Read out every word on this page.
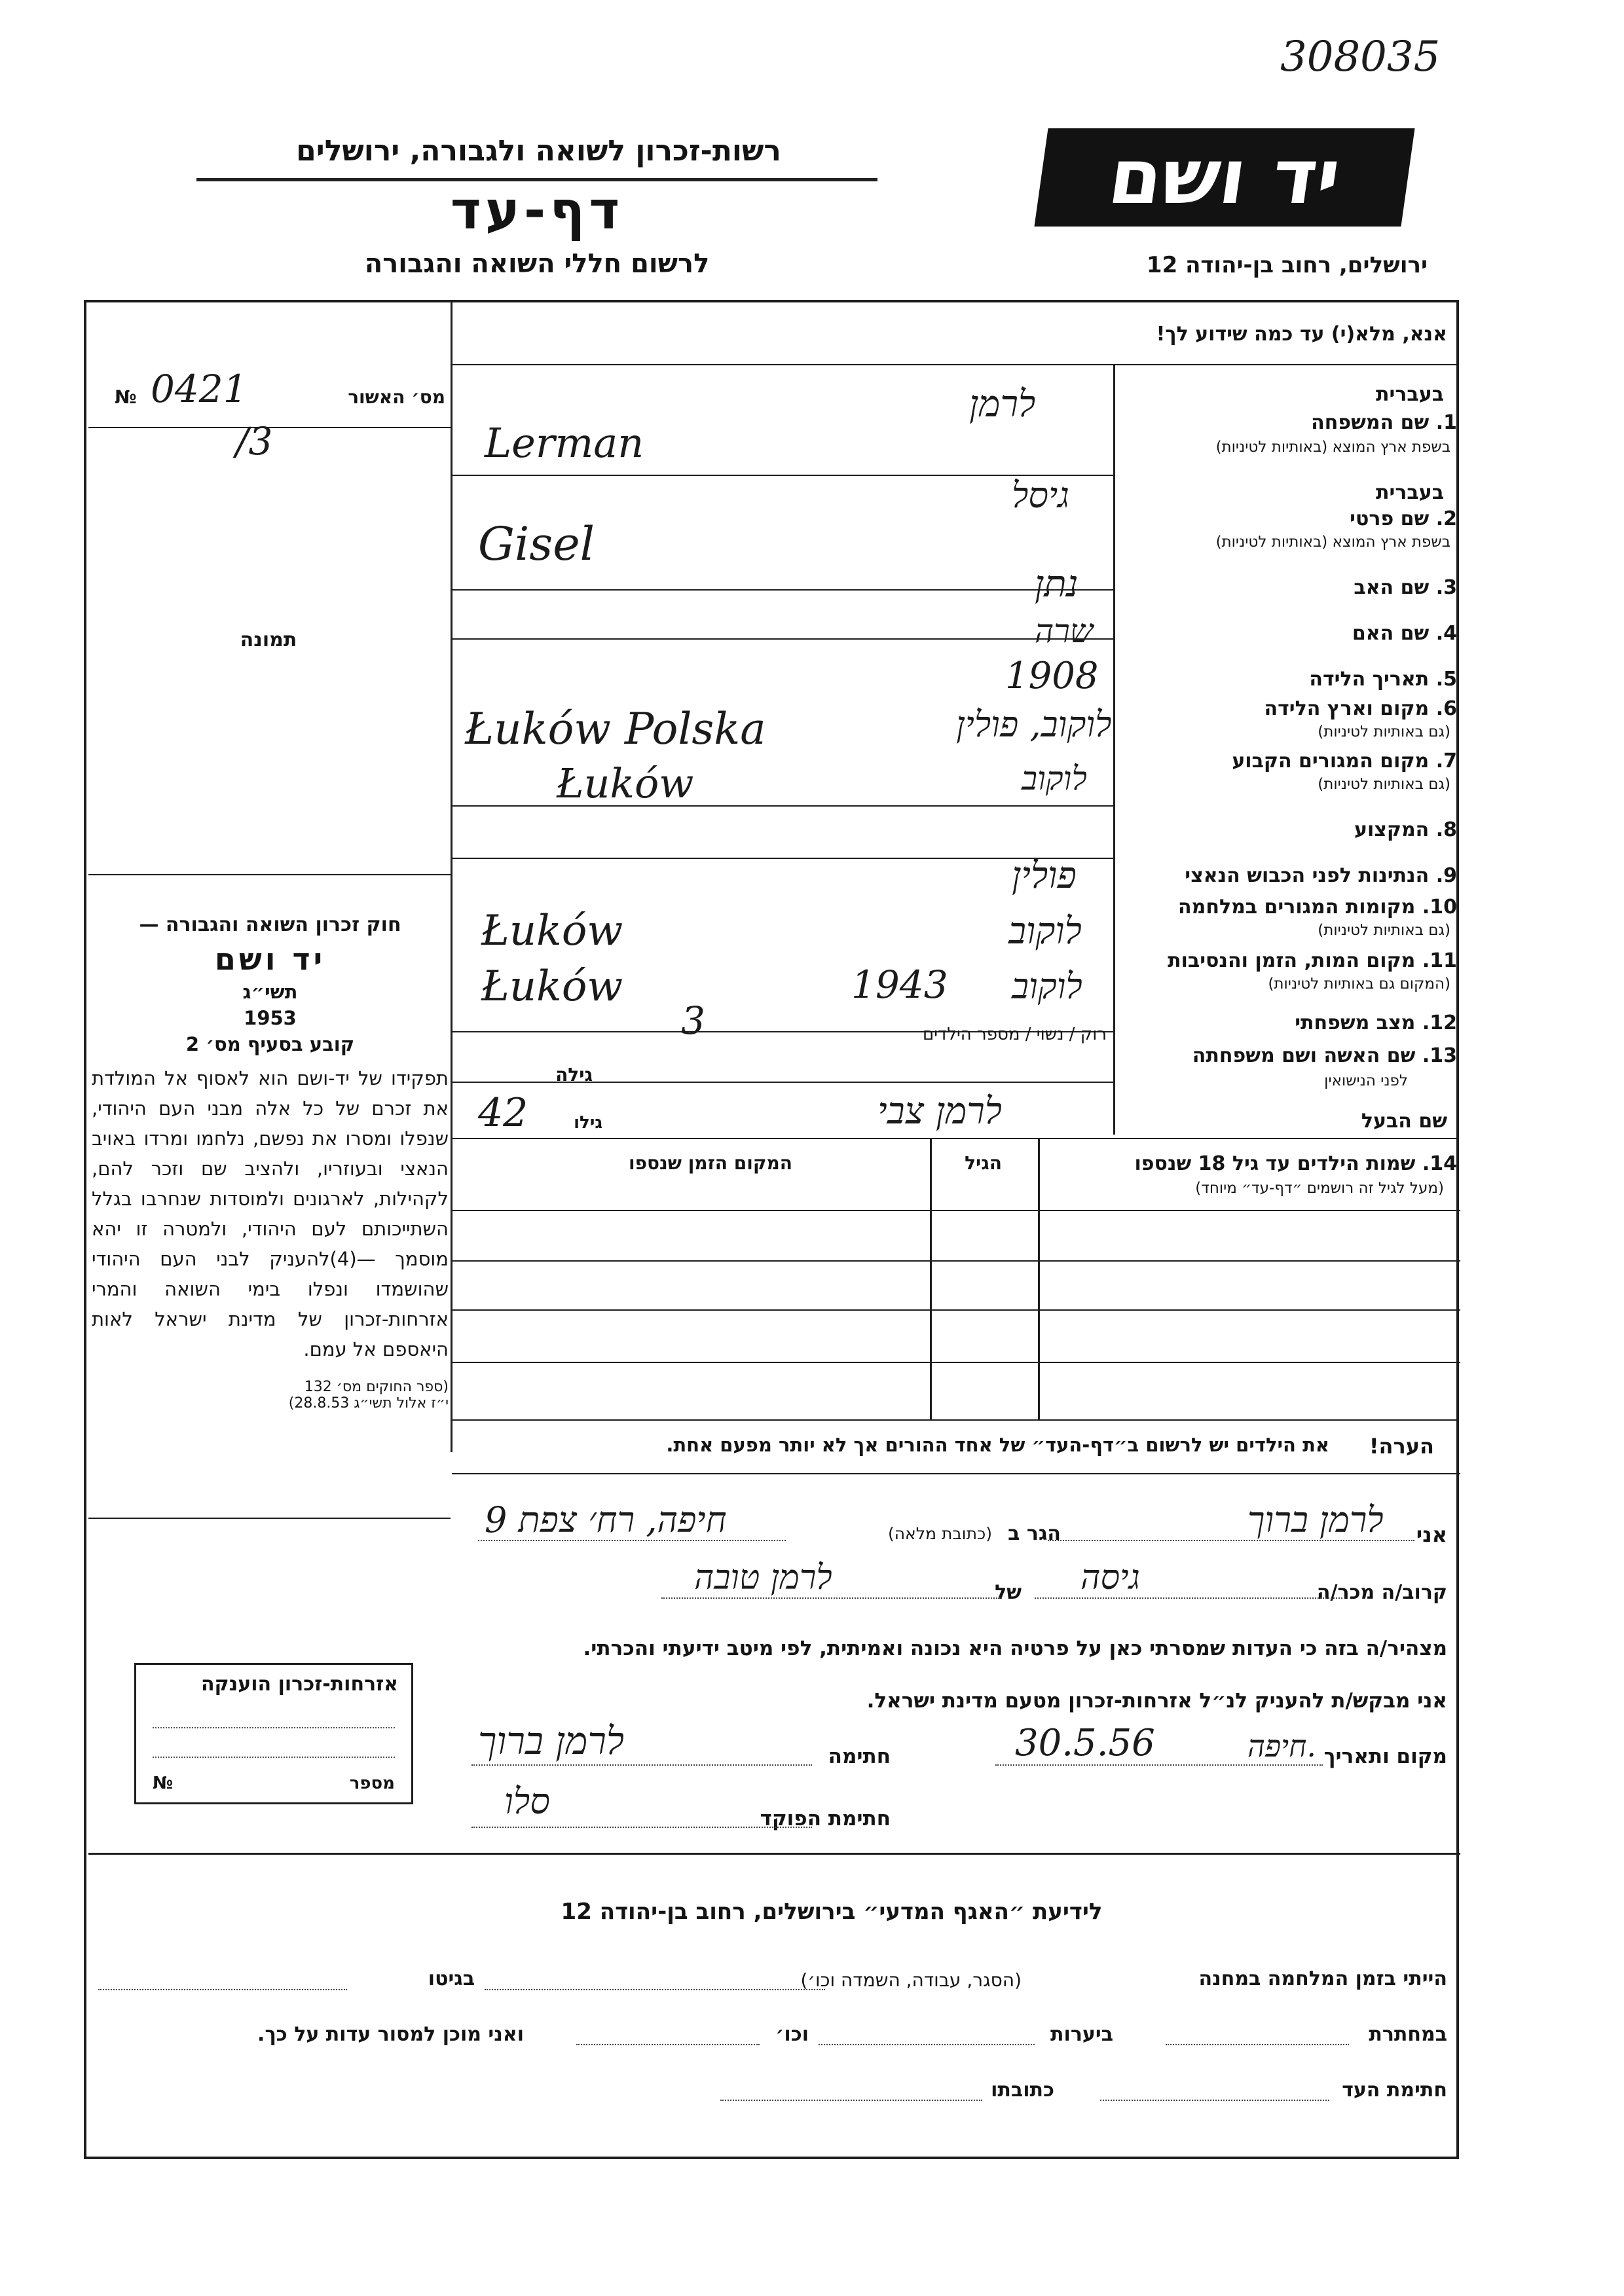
308035
יד ושם
רשות-זכרון לשואה ולגבורה, ירושלים
דף-עד
לרשום חללי השואה והגבורה	ירושלים, רחוב בן-יהודה 12
אנא, מלא(י) עד כמה שידוע לך!
מס׳ האשור
№ 0421
/3
תמונה
חוק זכרון השואה והגבורה —
יד ושם
תשי״ג
1953
קובע בסעיף מס׳ 2
תפקידו של יד-ושם הוא לאסוף אל המולדת את זכרם של כל אלה מבני העם היהודי, שנפלו ומסרו את נפשם, נלחמו ומרדו באויב הנאצי ובעוזריו, ולהציב שם וזכר להם, לקהילות, לארגונים ולמוסדות שנחרבו בגלל השתייכותם לעם היהודי, ולמטרה זו יהא מוסמך —(4)להעניק לבני העם היהודי שהושמדו ונפלו בימי השואה והמרי אזרחות-זכרון של מדינת ישראל לאות היאספם אל עמם.
(ספר החוקים מס׳ 132
י״ז אלול תשי״ג 28.8.53)
אזרחות-זכרון הוענקה
מספר
№
בעברית
1. שם המשפחה
בשפת ארץ המוצא (באותיות לטיניות)
בעברית
2. שם פרטי
בשפת ארץ המוצא (באותיות לטיניות)
3. שם האב
4. שם האם
5. תאריך הלידה
6. מקום וארץ הלידה
(גם באותיות לטיניות)
7. מקום המגורים הקבוע
(גם באותיות לטיניות)
8. המקצוע
9. הנתינות לפני הכבוש הנאצי
10. מקומות המגורים במלחמה
(גם באותיות לטיניות)
11. מקום המות, הזמן והנסיבות
(המקום גם באותיות לטיניות)
12. מצב משפחתי
13. שם האשה ושם משפחתה
לפני הנישואין
שם הבעל
לרמן
Lerman
גיסל
Gisel
נתן
שרה
1908
לוקוב, פולין
Łuków Polska
לוקוב
Łuków
פולין
לוקוב
Łuków
לוקוב
1943
Łuków
רוק / נשוי / מספר הילדים
3
גילה
לרמן צבי
גילו
42
14. שמות הילדים עד גיל 18 שנספו
(מעל לגיל זה רושמים ״דף-עד״ מיוחד)
הגיל
המקום הזמן שנספו
הערה!
את הילדים יש לרשום ב״דף-העד״ של אחד ההורים אך לא יותר מפעם אחת.
אני
לרמן ברוך
הגר ב
(כתובת מלאה)
חיפה, רח׳ צפת 9
קרוב/ה מכר/ה
גיסה
של
לרמן טובה
מצהיר/ה בזה כי העדות שמסרתי כאן על פרטיה היא נכונה ואמיתית, לפי מיטב ידיעתי והכרתי.
אני מבקש/ת להעניק לנ״ל אזרחות-זכרון מטעם מדינת ישראל.
מקום ותאריך
חיפה.
30.5.56
חתימה
לרמן ברוך
חתימת הפוקד
סלו
לידיעת ״האגף המדעי״ בירושלים, רחוב בן-יהודה 12
הייתי בזמן המלחמה במחנה
(הסגר, עבודה, השמדה וכו׳)
בגיטו
במחתרת
ביערות
וכו׳
ואני מוכן למסור עדות על כך.
חתימת העד
כתובתו
